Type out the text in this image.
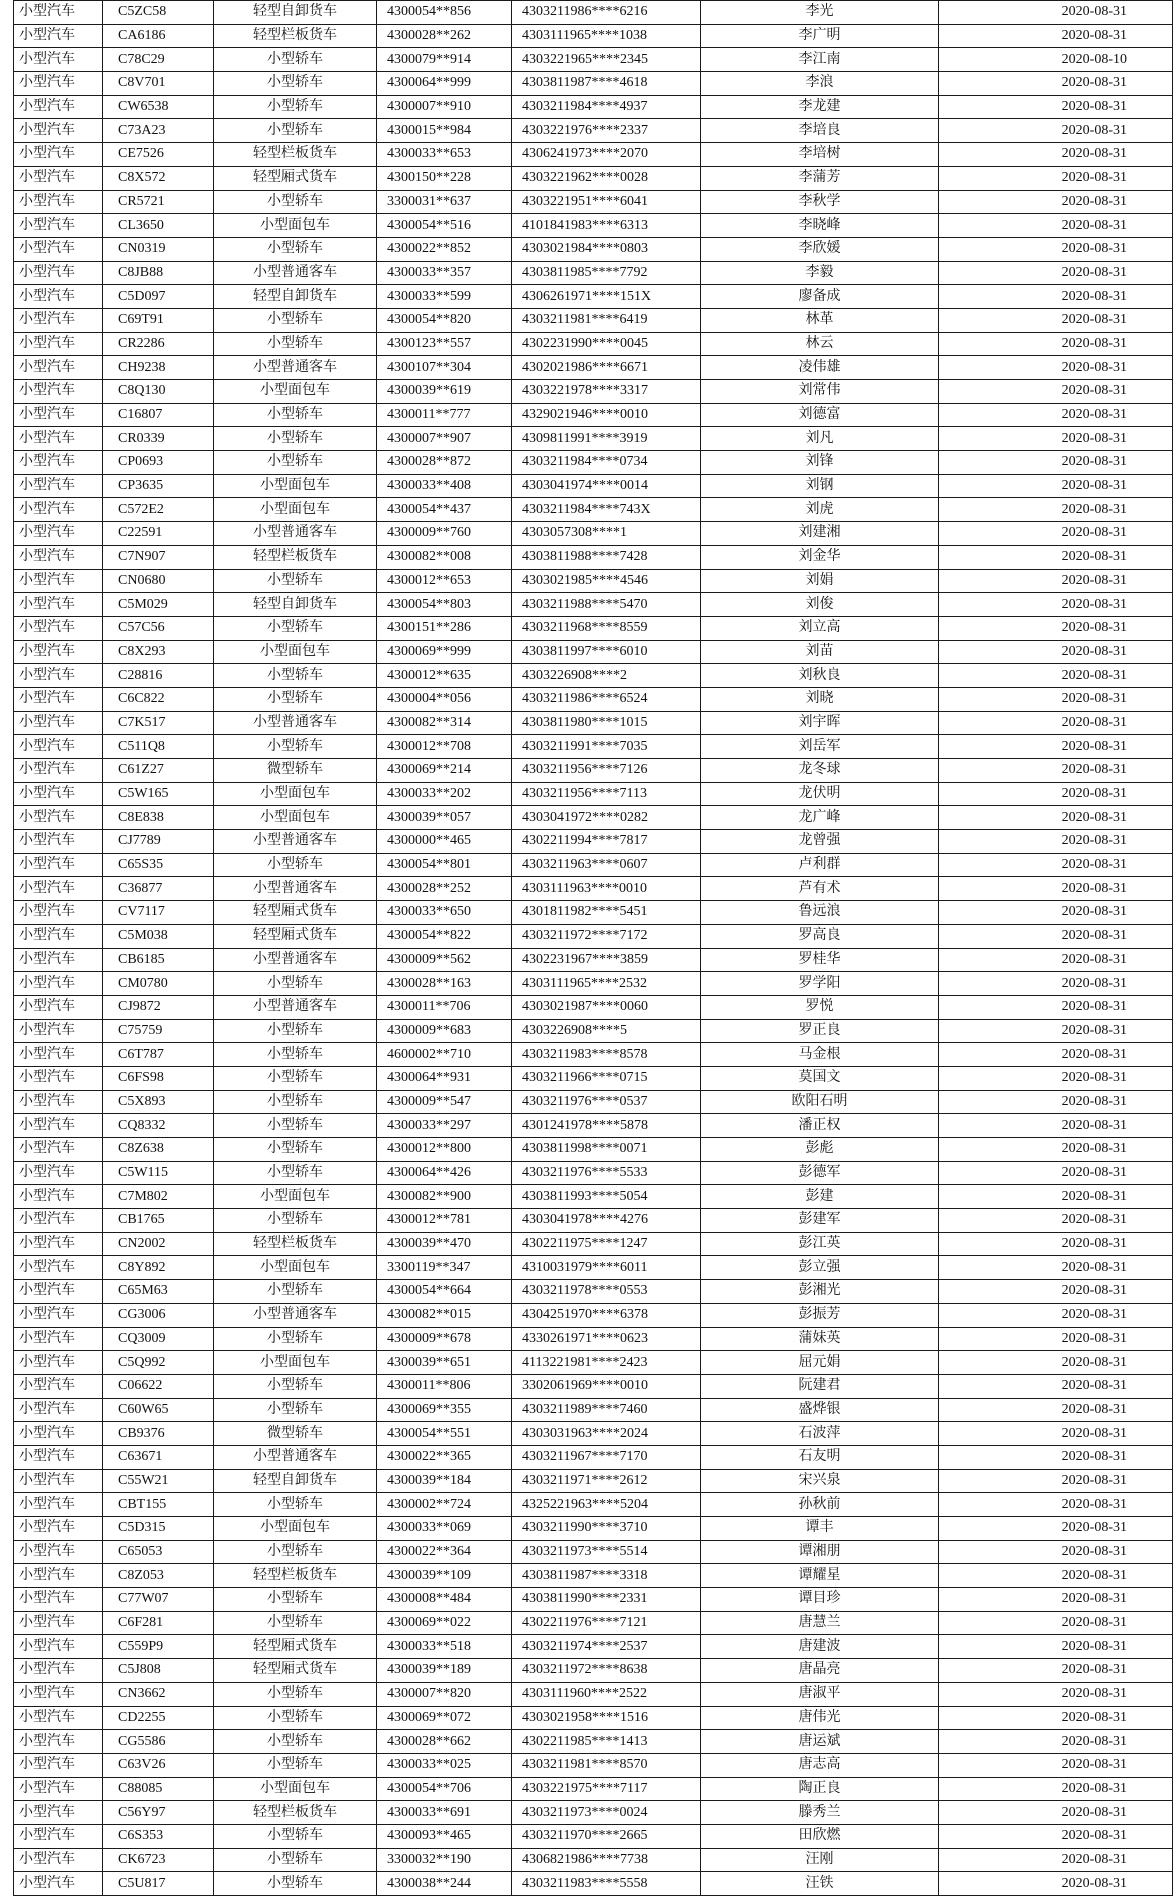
小型汽车	C5ZC58	轻型自卸货车	4300054**856	4303211986****6216	李光	2020-08-31
小型汽车	CA6186	轻型栏板货车	4300028**262	4303111965****1038	李广明	2020-08-31
小型汽车	C78C29	小型轿车	4300079**914	4303221965****2345	李江南	2020-08-10
小型汽车	C8V701	小型轿车	4300064**999	4303811987****4618	李浪	2020-08-31
小型汽车	CW6538	小型轿车	4300007**910	4303211984****4937	李龙建	2020-08-31
小型汽车	C73A23	小型轿车	4300015**984	4303221976****2337	李培良	2020-08-31
小型汽车	CE7526	轻型栏板货车	4300033**653	4306241973****2070	李培树	2020-08-31
小型汽车	C8X572	轻型厢式货车	4300150**228	4303221962****0028	李蒲芳	2020-08-31
小型汽车	CR5721	小型轿车	3300031**637	4303221951****6041	李秋学	2020-08-31
小型汽车	CL3650	小型面包车	4300054**516	4101841983****6313	李晓峰	2020-08-31
小型汽车	CN0319	小型轿车	4300022**852	4303021984****0803	李欣媛	2020-08-31
小型汽车	C8JB88	小型普通客车	4300033**357	4303811985****7792	李毅	2020-08-31
小型汽车	C5D097	轻型自卸货车	4300033**599	4306261971****151X	廖备成	2020-08-31
小型汽车	C69T91	小型轿车	4300054**820	4303211981****6419	林革	2020-08-31
小型汽车	CR2286	小型轿车	4300123**557	4302231990****0045	林云	2020-08-31
小型汽车	CH9238	小型普通客车	4300107**304	4302021986****6671	凌伟雄	2020-08-31
小型汽车	C8Q130	小型面包车	4300039**619	4303221978****3317	刘常伟	2020-08-31
小型汽车	C16807	小型轿车	4300011**777	4329021946****0010	刘德富	2020-08-31
小型汽车	CR0339	小型轿车	4300007**907	4309811991****3919	刘凡	2020-08-31
小型汽车	CP0693	小型轿车	4300028**872	4303211984****0734	刘锋	2020-08-31
小型汽车	CP3635	小型面包车	4300033**408	4303041974****0014	刘钢	2020-08-31
小型汽车	C572E2	小型面包车	4300054**437	4303211984****743X	刘虎	2020-08-31
小型汽车	C22591	小型普通客车	4300009**760	4303057308****1	刘建湘	2020-08-31
小型汽车	C7N907	轻型栏板货车	4300082**008	4303811988****7428	刘金华	2020-08-31
小型汽车	CN0680	小型轿车	4300012**653	4303021985****4546	刘娟	2020-08-31
小型汽车	C5M029	轻型自卸货车	4300054**803	4303211988****5470	刘俊	2020-08-31
小型汽车	C57C56	小型轿车	4300151**286	4303211968****8559	刘立高	2020-08-31
小型汽车	C8X293	小型面包车	4300069**999	4303811997****6010	刘苗	2020-08-31
小型汽车	C28816	小型轿车	4300012**635	4303226908****2	刘秋良	2020-08-31
小型汽车	C6C822	小型轿车	4300004**056	4303211986****6524	刘晓	2020-08-31
小型汽车	C7K517	小型普通客车	4300082**314	4303811980****1015	刘宇晖	2020-08-31
小型汽车	C511Q8	小型轿车	4300012**708	4303211991****7035	刘岳军	2020-08-31
小型汽车	C61Z27	微型轿车	4300069**214	4303211956****7126	龙冬球	2020-08-31
小型汽车	C5W165	小型面包车	4300033**202	4303211956****7113	龙伏明	2020-08-31
小型汽车	C8E838	小型面包车	4300039**057	4303041972****0282	龙广峰	2020-08-31
小型汽车	CJ7789	小型普通客车	4300000**465	4302211994****7817	龙曾强	2020-08-31
小型汽车	C65S35	小型轿车	4300054**801	4303211963****0607	卢利群	2020-08-31
小型汽车	C36877	小型普通客车	4300028**252	4303111963****0010	芦有术	2020-08-31
小型汽车	CV7117	轻型厢式货车	4300033**650	4301811982****5451	鲁远浪	2020-08-31
小型汽车	C5M038	轻型厢式货车	4300054**822	4303211972****7172	罗高良	2020-08-31
小型汽车	CB6185	小型普通客车	4300009**562	4302231967****3859	罗桂华	2020-08-31
小型汽车	CM0780	小型轿车	4300028**163	4303111965****2532	罗学阳	2020-08-31
小型汽车	CJ9872	小型普通客车	4300011**706	4303021987****0060	罗悦	2020-08-31
小型汽车	C75759	小型轿车	4300009**683	4303226908****5	罗正良	2020-08-31
小型汽车	C6T787	小型轿车	4600002**710	4303211983****8578	马金根	2020-08-31
小型汽车	C6FS98	小型轿车	4300064**931	4303211966****0715	莫国文	2020-08-31
小型汽车	C5X893	小型轿车	4300009**547	4303211976****0537	欧阳石明	2020-08-31
小型汽车	CQ8332	小型轿车	4300033**297	4301241978****5878	潘正权	2020-08-31
小型汽车	C8Z638	小型轿车	4300012**800	4303811998****0071	彭彪	2020-08-31
小型汽车	C5W115	小型轿车	4300064**426	4303211976****5533	彭德军	2020-08-31
小型汽车	C7M802	小型面包车	4300082**900	4303811993****5054	彭建	2020-08-31
小型汽车	CB1765	小型轿车	4300012**781	4303041978****4276	彭建军	2020-08-31
小型汽车	CN2002	轻型栏板货车	4300039**470	4302211975****1247	彭江英	2020-08-31
小型汽车	C8Y892	小型面包车	3300119**347	4310031979****6011	彭立强	2020-08-31
小型汽车	C65M63	小型轿车	4300054**664	4303211978****0553	彭湘光	2020-08-31
小型汽车	CG3006	小型普通客车	4300082**015	4304251970****6378	彭振芳	2020-08-31
小型汽车	CQ3009	小型轿车	4300009**678	4330261971****0623	蒲妹英	2020-08-31
小型汽车	C5Q992	小型面包车	4300039**651	4113221981****2423	屈元娟	2020-08-31
小型汽车	C06622	小型轿车	4300011**806	3302061969****0010	阮建君	2020-08-31
小型汽车	C60W65	小型轿车	4300069**355	4303211989****7460	盛烨银	2020-08-31
小型汽车	CB9376	微型轿车	4300054**551	4303031963****2024	石波萍	2020-08-31
小型汽车	C63671	小型普通客车	4300022**365	4303211967****7170	石友明	2020-08-31
小型汽车	C55W21	轻型自卸货车	4300039**184	4303211971****2612	宋兴泉	2020-08-31
小型汽车	CBT155	小型轿车	4300002**724	4325221963****5204	孙秋前	2020-08-31
小型汽车	C5D315	小型面包车	4300033**069	4303211990****3710	谭丰	2020-08-31
小型汽车	C65053	小型轿车	4300022**364	4303211973****5514	谭湘朋	2020-08-31
小型汽车	C8Z053	轻型栏板货车	4300039**109	4303811987****3318	谭耀星	2020-08-31
小型汽车	C77W07	小型轿车	4300008**484	4303811990****2331	谭目珍	2020-08-31
小型汽车	C6F281	小型轿车	4300069**022	4302211976****7121	唐慧兰	2020-08-31
小型汽车	C559P9	轻型厢式货车	4300033**518	4303211974****2537	唐建波	2020-08-31
小型汽车	C5J808	轻型厢式货车	4300039**189	4303211972****8638	唐晶亮	2020-08-31
小型汽车	CN3662	小型轿车	4300007**820	4303111960****2522	唐淑平	2020-08-31
小型汽车	CD2255	小型轿车	4300069**072	4303021958****1516	唐伟光	2020-08-31
小型汽车	CG5586	小型轿车	4300028**662	4302211985****1413	唐运斌	2020-08-31
小型汽车	C63V26	小型轿车	4300033**025	4303211981****8570	唐志高	2020-08-31
小型汽车	C88085	小型面包车	4300054**706	4303221975****7117	陶正良	2020-08-31
小型汽车	C56Y97	轻型栏板货车	4300033**691	4303211973****0024	滕秀兰	2020-08-31
小型汽车	C6S353	小型轿车	4300093**465	4303211970****2665	田欣燃	2020-08-31
小型汽车	CK6723	小型轿车	3300032**190	4306821986****7738	汪刚	2020-08-31
小型汽车	C5U817	小型轿车	4300038**244	4303211983****5558	汪铁	2020-08-31
